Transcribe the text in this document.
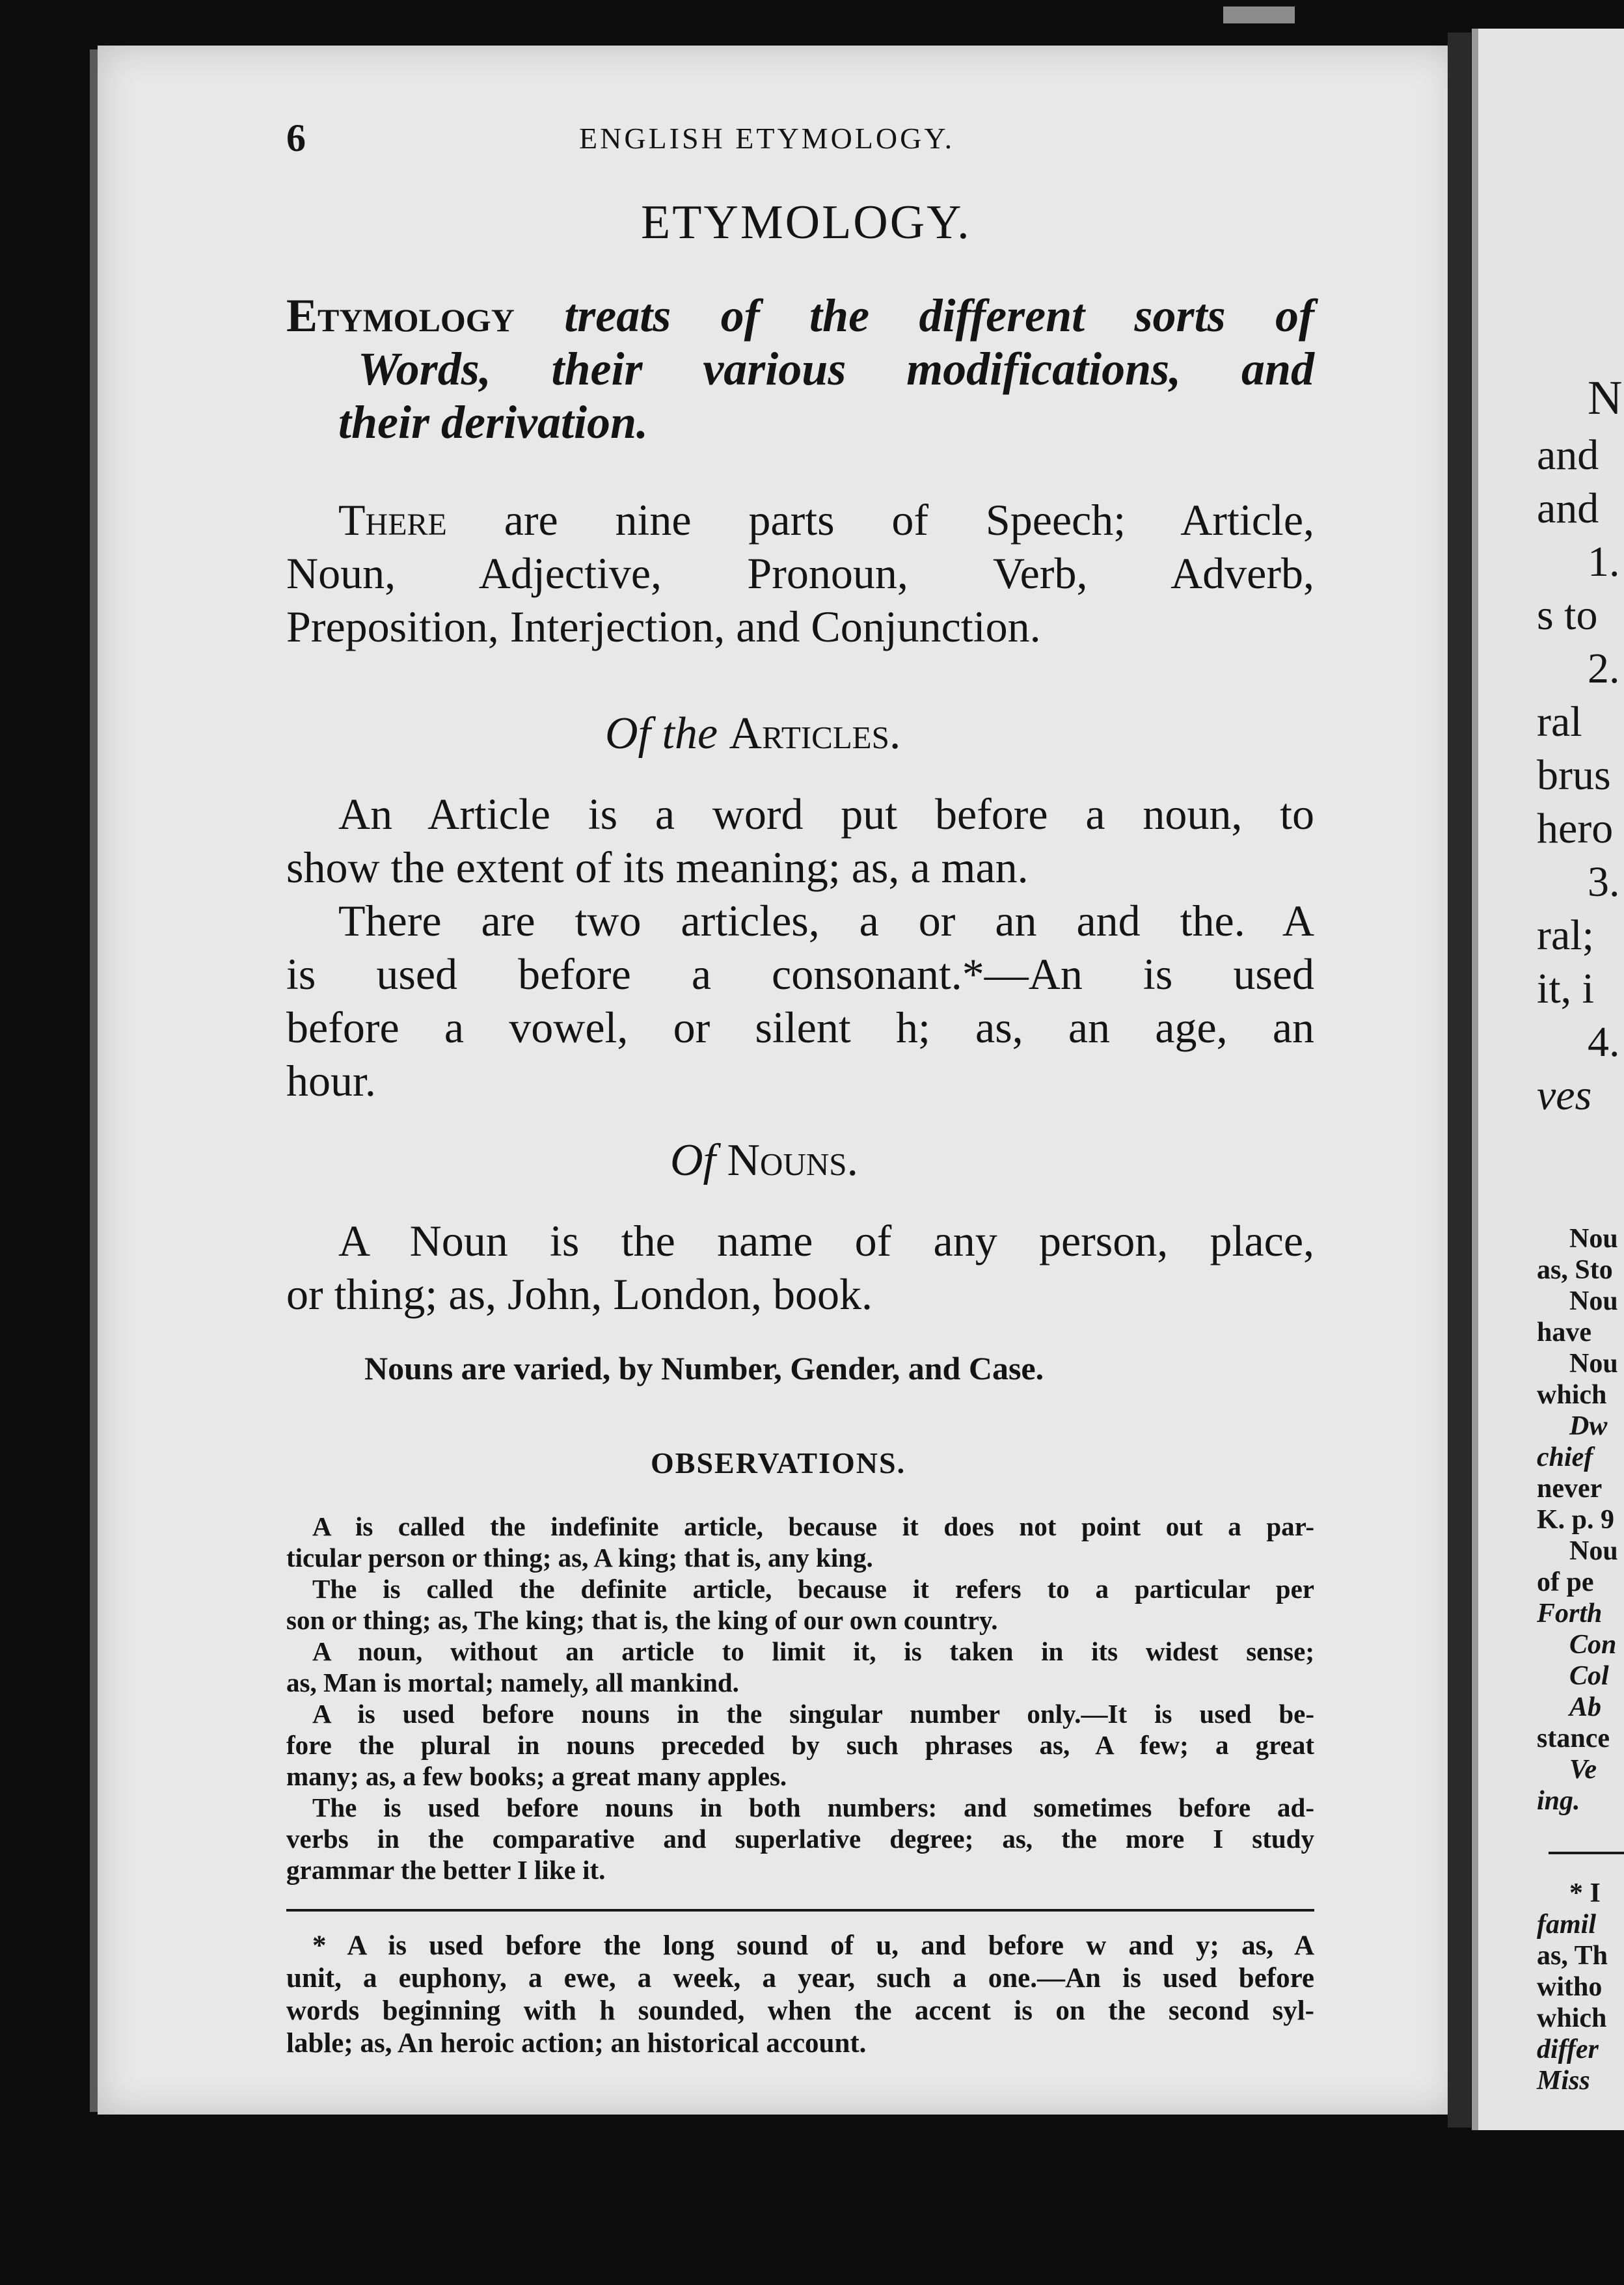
6	ENGLISH ETYMOLOGY.
ETYMOLOGY.
Etymology treats of the different sorts of
Words, their various modifications, and
their derivation.
There are nine parts of Speech; Article,
Noun, Adjective, Pronoun, Verb, Adverb,
Preposition, Interjection, and Conjunction.
Of the Articles.
An Article is a word put before a noun, to
show the extent of its meaning; as, a man.
There are two articles, a or an and the. A
is used before a consonant.*—An is used
before a vowel, or silent h; as, an age, an
hour.
Of Nouns.
A Noun is the name of any person, place,
or thing; as, John, London, book.
Nouns are varied, by Number, Gender, and Case.
OBSERVATIONS.
A is called the indefinite article, because it does not point out a par-
ticular person or thing; as, A king; that is, any king.
The is called the definite article, because it refers to a particular per
son or thing; as, The king; that is, the king of our own country.
A noun, without an article to limit it, is taken in its widest sense;
as, Man is mortal; namely, all mankind.
A is used before nouns in the singular number only.—It is used be-
fore the plural in nouns preceded by such phrases as, A few; a great
many; as, a few books; a great many apples.
The is used before nouns in both numbers: and sometimes before ad-
verbs in the comparative and superlative degree; as, the more I study
grammar the better I like it.
* A is used before the long sound of u, and before w and y; as, A
unit, a euphony, a ewe, a week, a year, such a one.—An is used before
words beginning with h sounded, when the accent is on the second syl-
lable; as, An heroic action; an historical account.
N
and
and
1.
s to
2.
ral
brus
hero
3.
ral;
it, i
4.
ves
Nou
as, Sto
Nou
have
Nou
which
Dw
chief
never
K. p. 9
Nou
of pe
Forth
Con
Col
Ab
stance
Ve
ing.
* I
famil
as, Th
witho
which
differ
Miss
